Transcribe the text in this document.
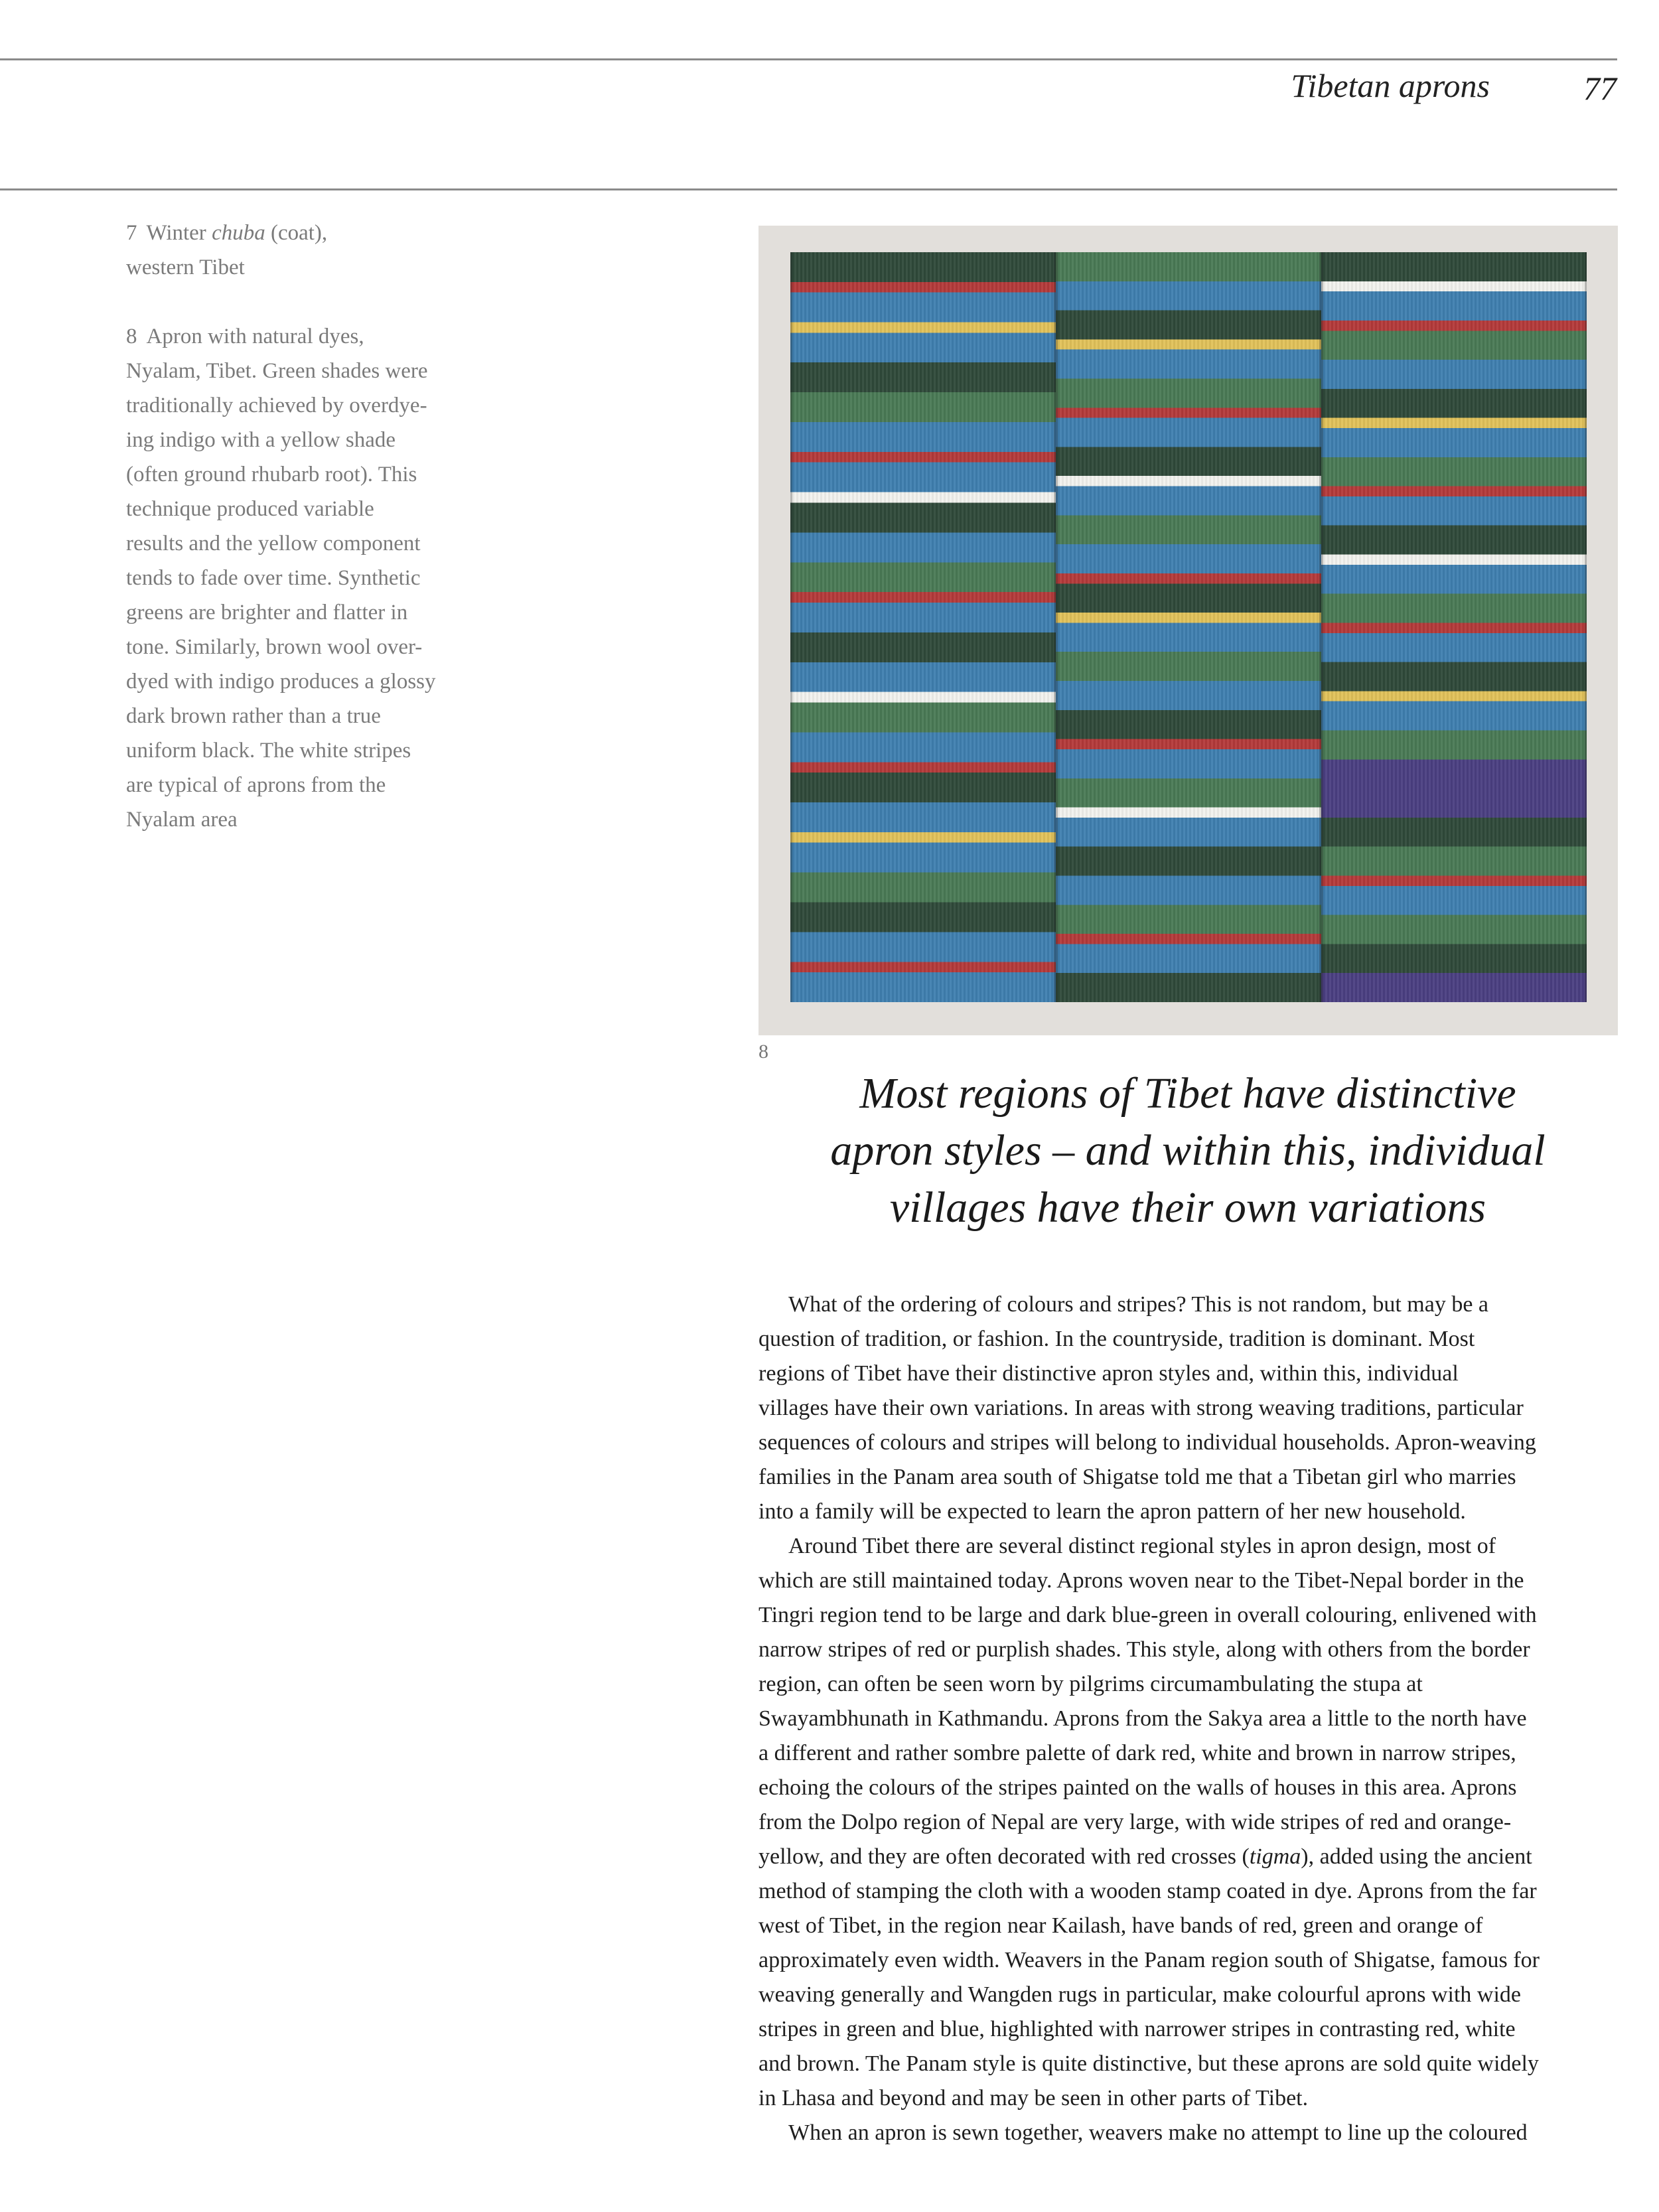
Tibetan aprons	77
7 Winter chuba (coat),
western Tibet
8 Apron with natural dyes,
Nyalam, Tibet. Green shades were
traditionally achieved by overdye-
ing indigo with a yellow shade
(often ground rhubarb root). This
technique produced variable
results and the yellow component
tends to fade over time. Synthetic
greens are brighter and flatter in
tone. Similarly, brown wool over-
dyed with indigo produces a glossy
dark brown rather than a true
uniform black. The white stripes
are typical of aprons from the
Nyalam area
8
Most regions of Tibet have distinctive
apron styles – and within this, individual
villages have their own variations
What of the ordering of colours and stripes? This is not random, but may be a
question of tradition, or fashion. In the countryside, tradition is dominant. Most
regions of Tibet have their distinctive apron styles and, within this, individual
villages have their own variations. In areas with strong weaving traditions, particular
sequences of colours and stripes will belong to individual households. Apron-weaving
families in the Panam area south of Shigatse told me that a Tibetan girl who marries
into a family will be expected to learn the apron pattern of her new household.
Around Tibet there are several distinct regional styles in apron design, most of
which are still maintained today. Aprons woven near to the Tibet-Nepal border in the
Tingri region tend to be large and dark blue-green in overall colouring, enlivened with
narrow stripes of red or purplish shades. This style, along with others from the border
region, can often be seen worn by pilgrims circumambulating the stupa at
Swayambhunath in Kathmandu. Aprons from the Sakya area a little to the north have
a different and rather sombre palette of dark red, white and brown in narrow stripes,
echoing the colours of the stripes painted on the walls of houses in this area. Aprons
from the Dolpo region of Nepal are very large, with wide stripes of red and orange-
yellow, and they are often decorated with red crosses (tigma), added using the ancient
method of stamping the cloth with a wooden stamp coated in dye. Aprons from the far
west of Tibet, in the region near Kailash, have bands of red, green and orange of
approximately even width. Weavers in the Panam region south of Shigatse, famous for
weaving generally and Wangden rugs in particular, make colourful aprons with wide
stripes in green and blue, highlighted with narrower stripes in contrasting red, white
and brown. The Panam style is quite distinctive, but these aprons are sold quite widely
in Lhasa and beyond and may be seen in other parts of Tibet.
When an apron is sewn together, weavers make no attempt to line up the coloured
